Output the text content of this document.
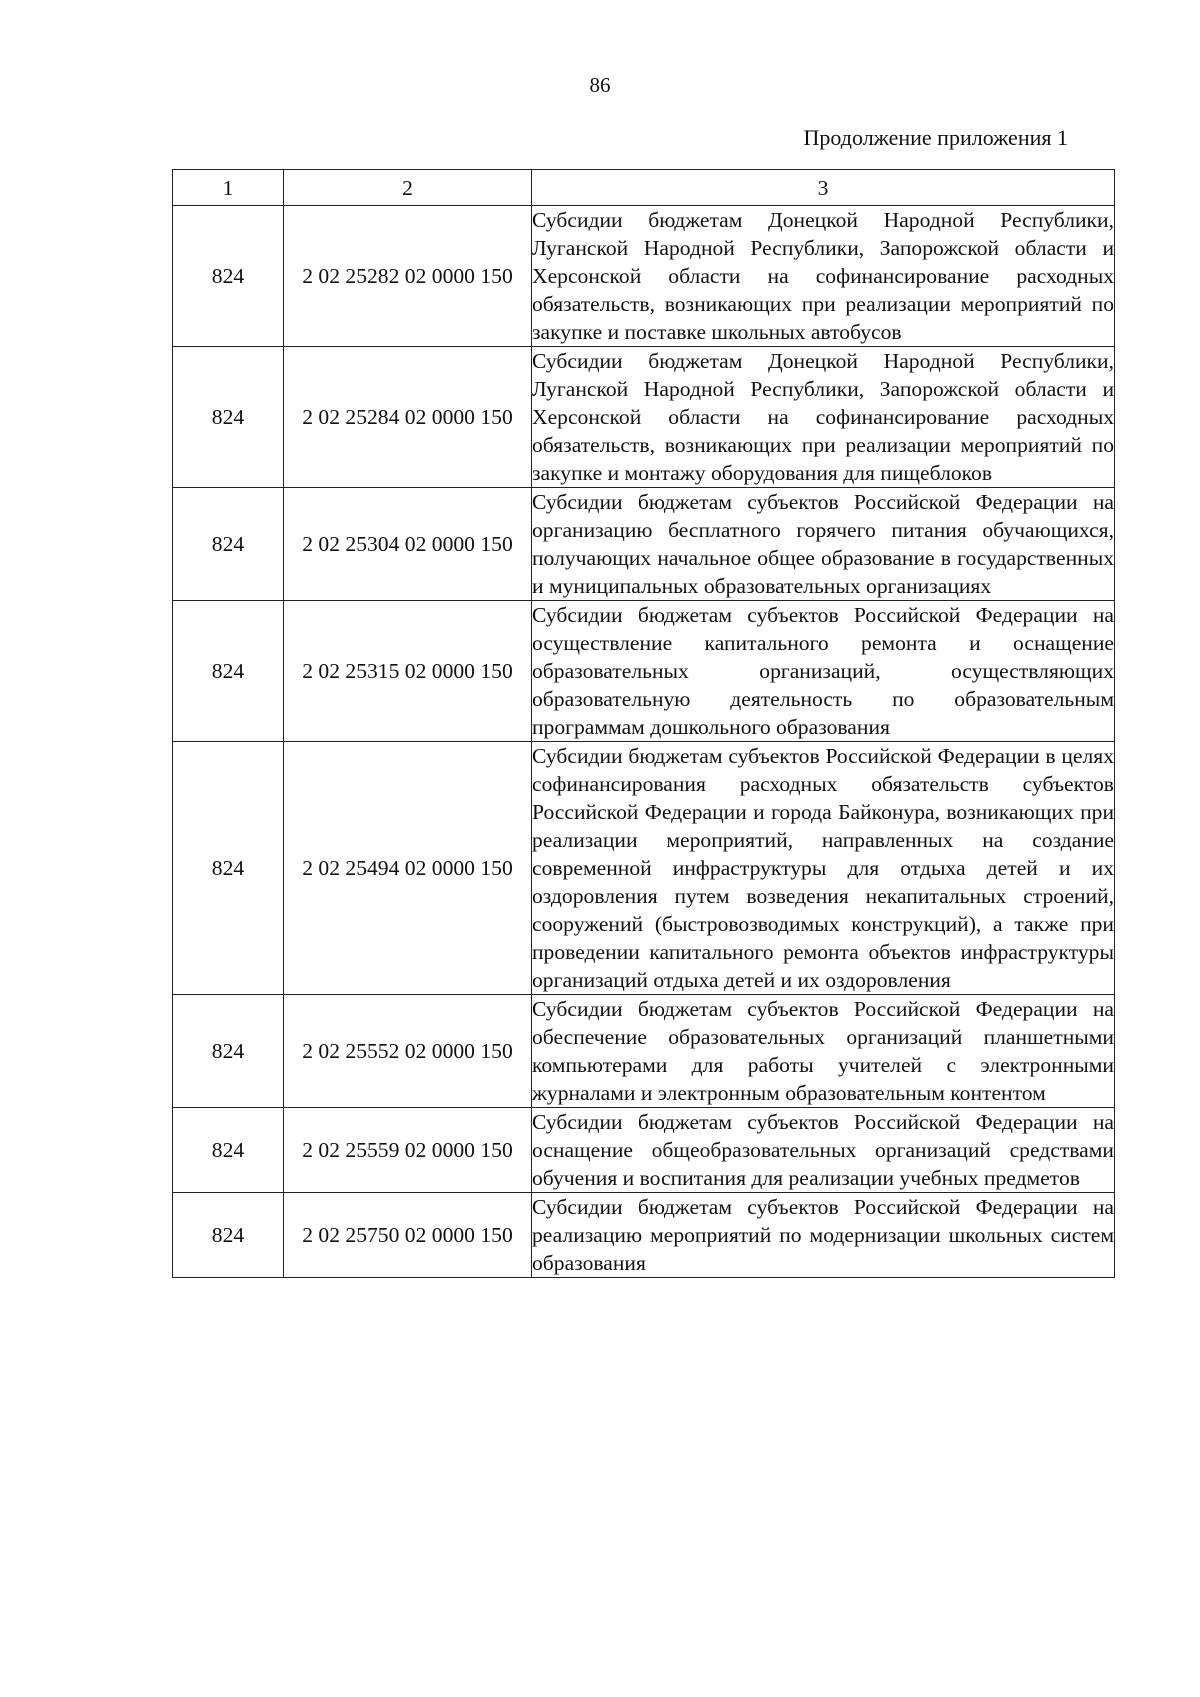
86
Продолжение приложения 1
1	2	3
824	2 02 25282 02 0000 150	Субсидии бюджетам Донецкой Народной Республики, Луганской Народной Республики, Запорожской области и Херсонской области на софинансирование расходных обязательств, возникающих при реализации мероприятий по закупке и поставке школьных автобусов
824	2 02 25284 02 0000 150	Субсидии бюджетам Донецкой Народной Республики, Луганской Народной Республики, Запорожской области и Херсонской области на софинансирование расходных обязательств, возникающих при реализации мероприятий по закупке и монтажу оборудования для пищеблоков
824	2 02 25304 02 0000 150	Субсидии бюджетам субъектов Российской Федерации на организацию бесплатного горячего питания обучающихся, получающих начальное общее образование в государственных и муниципальных образовательных организациях
824	2 02 25315 02 0000 150	Субсидии бюджетам субъектов Российской Федерации на осуществление капитального ремонта и оснащение образовательных организаций, осуществляющих образовательную деятельность по образовательным программам дошкольного образования
824	2 02 25494 02 0000 150	Субсидии бюджетам субъектов Российской Федерации в целях софинансирования расходных обязательств субъектов Российской Федерации и города Байконура, возникающих при реализации мероприятий, направленных на создание современной инфраструктуры для отдыха детей и их оздоровления путем возведения некапитальных строений, сооружений (быстровозводимых конструкций), а также при проведении капитального ремонта объектов инфраструктуры организаций отдыха детей и их оздоровления
824	2 02 25552 02 0000 150	Субсидии бюджетам субъектов Российской Федерации на обеспечение образовательных организаций планшетными компьютерами для работы учителей с электронными журналами и электронным образовательным контентом
824	2 02 25559 02 0000 150	Субсидии бюджетам субъектов Российской Федерации на оснащение общеобразовательных организаций средствами обучения и воспитания для реализации учебных предметов
824	2 02 25750 02 0000 150	Субсидии бюджетам субъектов Российской Федерации на реализацию мероприятий по модернизации школьных систем образования
